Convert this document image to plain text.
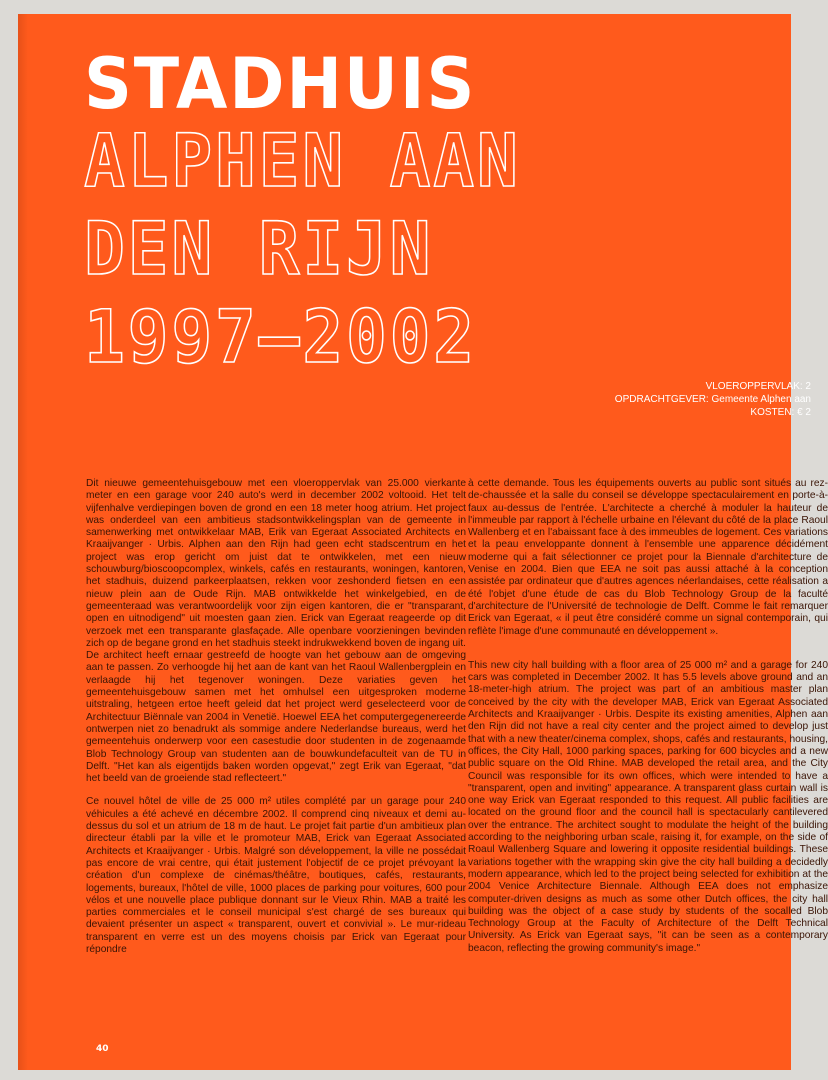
STADHUIS
ALPHEN AAN
DEN RIJN
1997–2002
VLOEROPPERVLAK: 2
OPDRACHTGEVER: Gemeente Alphen aan
KOSTEN: € 2

Dit nieuwe gemeentehuisgebouw met een vloeroppervlak van 25.000 vierkante meter en een garage voor 240 auto's werd in december 2002 voltooid. Het telt vijfenhalve verdiepingen boven de grond en een 18 meter hoog atrium. Het project was onderdeel van een ambitieus stadsontwikkelingsplan van de gemeente in samenwerking met ontwikkelaar MAB, Erik van Egeraat Associated Architects en Kraaijvanger · Urbis. Alphen aan den Rijn had geen echt stadscentrum en het project was erop gericht om juist dat te ontwikkelen, met een nieuw schouwburg/bioscoopcomplex, winkels, cafés en restaurants, woningen, kantoren, het stadhuis, duizend parkeerplaatsen, rekken voor zeshonderd fietsen en een nieuw plein aan de Oude Rijn. MAB ontwikkelde het winkelgebied, en de gemeenteraad was verantwoordelijk voor zijn eigen kantoren, die er "transparant, open en uitnodigend" uit moesten gaan zien. Erick van Egeraat reageerde op dit verzoek met een transparante glasfaçade. Alle openbare voorzieningen bevinden zich op de begane grond en het stadhuis steekt indrukwekkend boven de ingang uit. De architect heeft ernaar gestreefd de hoogte van het gebouw aan de omgeving aan te passen. Zo verhoogde hij het aan de kant van het Raoul Wallenbergplein en verlaagde hij het tegenover woningen. Deze variaties geven het gemeentehuisgebouw samen met het omhulsel een uitgesproken moderne uitstraling, hetgeen ertoe heeft geleid dat het project werd geselecteerd voor de Architectuur Biënnale van 2004 in Venetië. Hoewel EEA het computergegenereerde ontwerpen niet zo benadrukt als sommige andere Nederlandse bureaus, werd het gemeentehuis onderwerp voor een casestudie door studenten in de zogenaamde Blob Technology Group van studenten aan de bouwkundefaculteit van de TU in Delft. "Het kan als eigentijds baken worden opgevat," zegt Erik van Egeraat, "dat het beeld van de groeiende stad reflecteert."

Ce nouvel hôtel de ville de 25 000 m² utiles complété par un garage pour 240 véhicules a été achevé en décembre 2002. Il comprend cinq niveaux et demi au-dessus du sol et un atrium de 18 m de haut. Le projet fait partie d'un ambitieux plan directeur établi par la ville et le promoteur MAB, Erick van Egeraat Associated Architects et Kraaijvanger · Urbis. Malgré son développement, la ville ne possédait pas encore de vrai centre, qui était justement l'objectif de ce projet prévoyant la création d'un complexe de cinémas/théâtre, boutiques, cafés, restaurants, logements, bureaux, l'hôtel de ville, 1000 places de parking pour voitures, 600 pour vélos et une nouvelle place publique donnant sur le Vieux Rhin. MAB a traité les parties commerciales et le conseil municipal s'est chargé de ses bureaux qui devaient présenter un aspect « transparent, ouvert et convivial ». Le mur-rideau transparent en verre est un des moyens choisis par Erick van Egeraat pour répondre

à cette demande. Tous les équipements ouverts au public sont situés au rez-de-chaussée et la salle du conseil se développe spectaculairement en porte-à-faux au-dessus de l'entrée. L'architecte a cherché à moduler la hauteur de l'immeuble par rapport à l'échelle urbaine en l'élevant du côté de la place Raoul Wallenberg et en l'abaissant face à des immeubles de logement. Ces variations et la peau enveloppante donnent à l'ensemble une apparence décidément moderne qui a fait sélectionner ce projet pour la Biennale d'architecture de Venise en 2004. Bien que EEA ne soit pas aussi attaché à la conception assistée par ordinateur que d'autres agences néerlandaises, cette réalisation a été l'objet d'une étude de cas du Blob Technology Group de la faculté d'architecture de l'Université de technologie de Delft. Comme le fait remarquer Erick van Egeraat, « il peut être considéré comme un signal contemporain, qui reflète l'image d'une communauté en développement ».

This new city hall building with a floor area of 25 000 m² and a garage for 240 cars was completed in December 2002. It has 5.5 levels above ground and an 18-meter-high atrium. The project was part of an ambitious master plan conceived by the city with the developer MAB, Erick van Egeraat Associated Architects and Kraaijvanger · Urbis. Despite its existing amenities, Alphen aan den Rijn did not have a real city center and the project aimed to develop just that with a new theater/cinema complex, shops, cafés and restaurants, housing, offices, the City Hall, 1000 parking spaces, parking for 600 bicycles and a new public square on the Old Rhine. MAB developed the retail area, and the City Council was responsible for its own offices, which were intended to have a "transparent, open and inviting" appearance. A transparent glass curtain wall is one way Erick van Egeraat responded to this request. All public facilities are located on the ground floor and the council hall is spectacularly cantilevered over the entrance. The architect sought to modulate the height of the building according to the neighboring urban scale, raising it, for example, on the side of Roaul Wallenberg Square and lowering it opposite residential buildings. These variations together with the wrapping skin give the city hall building a decidedly modern appearance, which led to the project being selected for exhibition at the 2004 Venice Architecture Biennale. Although EEA does not emphasize computer-driven designs as much as some other Dutch offices, the city hall building was the object of a case study by students of the socalled Blob Technology Group at the Faculty of Architecture of the Delft Technical University. As Erick van Egeraat says, "it can be seen as a contemporary beacon, reflecting the growing community's image."

40
